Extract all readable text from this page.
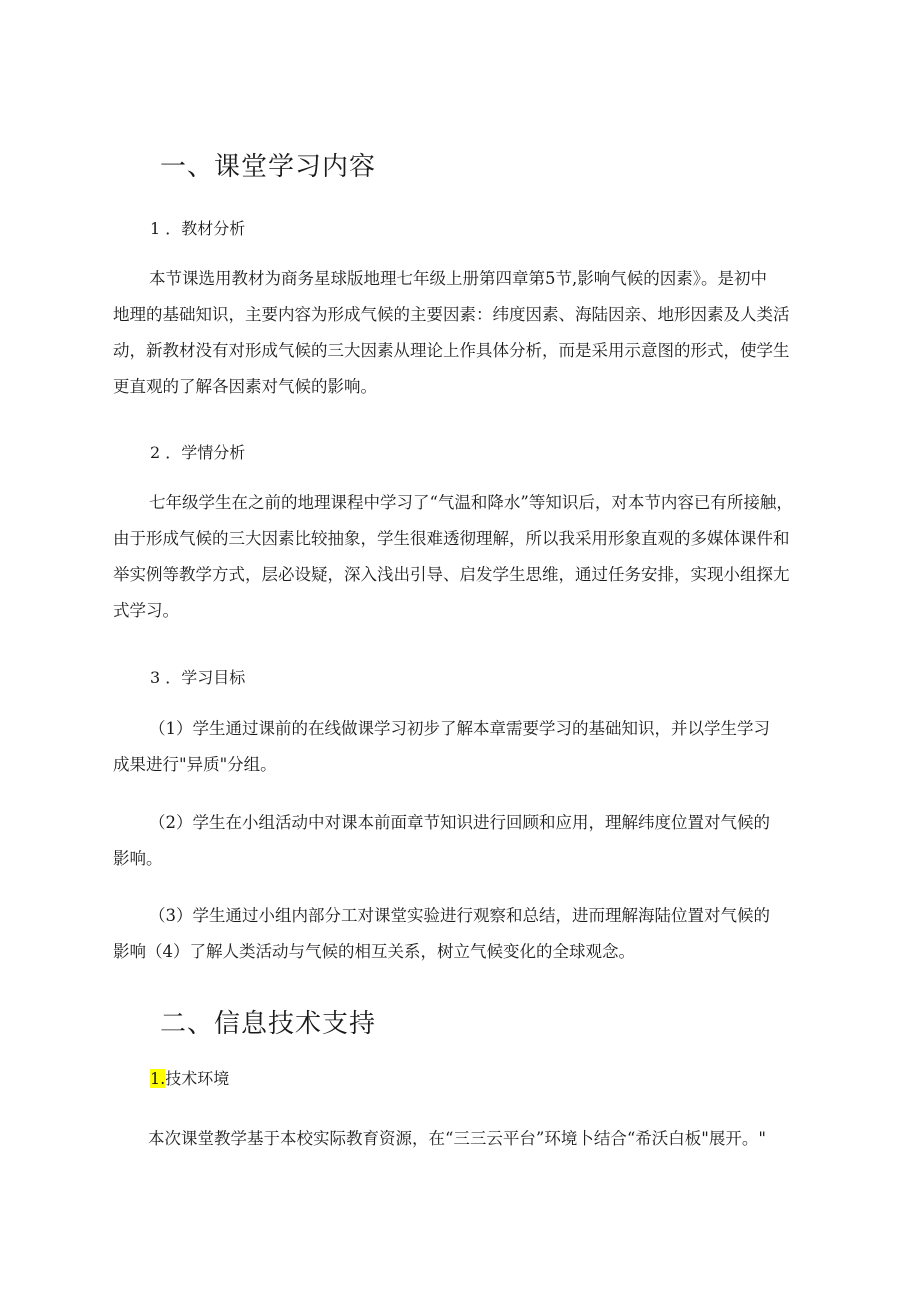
一、课堂学习内容
1 ．教材分析
本节课选用教材为商务星球版地理七年级上册第四章第5节,影响气候的因素》。是初中
地理的基础知识，主要内容为形成气候的主要因素：纬度因素、海陆因亲、地形因素及人类活
动，新教材没有对形成气候的三大因素从理论上作具体分析，而是采用示意图的形式，使学生
更直观的了解各因素对气候的影响。
2 ．学情分析
七年级学生在之前的地理课程中学习了“气温和降水”等知识后，对本节内容已有所接触，
由于形成气候的三大因素比较抽象，学生很难透彻理解，所以我采用形象直观的多媒体课件和
举实例等教学方式，层必设疑，深入浅出引导、启发学生思维，通过任务安排，实现小组探尢
式学习。
3 ．学习目标
（1）学生通过课前的在线做课学习初步了解本章需要学习的基础知识，并以学生学习
成果进行"异质"分组。
（2）学生在小组活动中对课本前面章节知识进行回顾和应用，理解纬度位置对气候的
影响。
（3）学生通过小组内部分工对课堂实验进行观察和总结，进而理解海陆位置对气候的
影响（4）了解人类活动与气候的相互关系，树立气候变化的全球观念。
二、信息技术支持
1.技术环境
本次课堂教学基于本校实际教育资源，在“三三云平台”环境卜结合“希沃白板"展开。"
